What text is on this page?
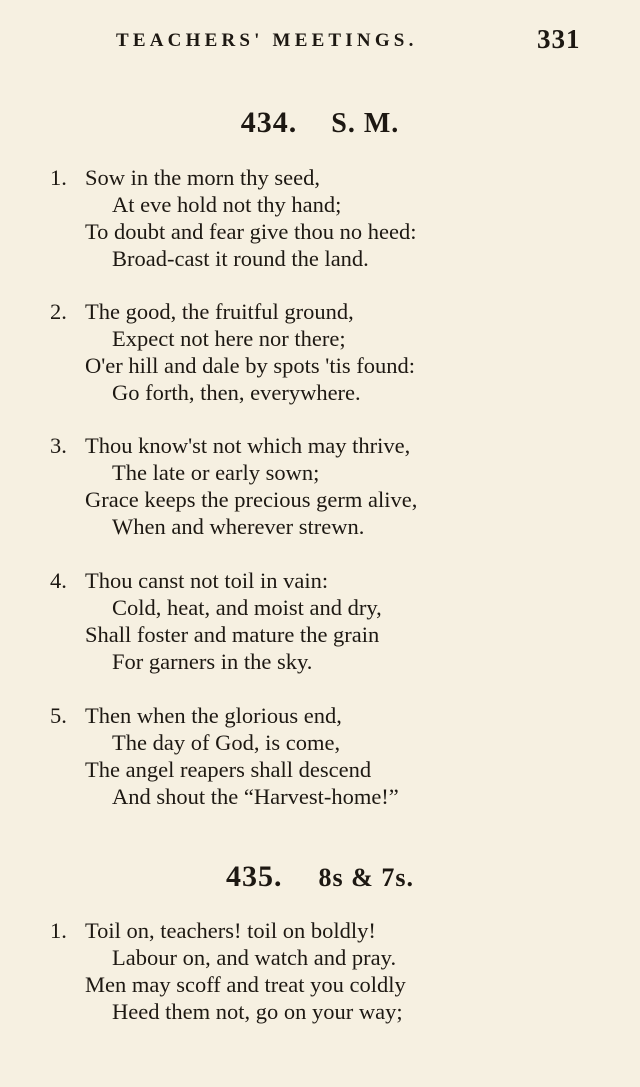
TEACHERS' MEETINGS.	331
434. S. M.
1. Sow in the morn thy seed,
At eve hold not thy hand;
To doubt and fear give thou no heed:
Broad-cast it round the land.
2. The good, the fruitful ground,
Expect not here nor there;
O'er hill and dale by spots 'tis found:
Go forth, then, everywhere.
3. Thou know'st not which may thrive,
The late or early sown;
Grace keeps the precious germ alive,
When and wherever strewn.
4. Thou canst not toil in vain:
Cold, heat, and moist and dry,
Shall foster and mature the grain
For garners in the sky.
5. Then when the glorious end,
The day of God, is come,
The angel reapers shall descend
And shout the “Harvest-home!”
435. 8s & 7s.
1. Toil on, teachers! toil on boldly!
Labour on, and watch and pray.
Men may scoff and treat you coldly
Heed them not, go on your way;
